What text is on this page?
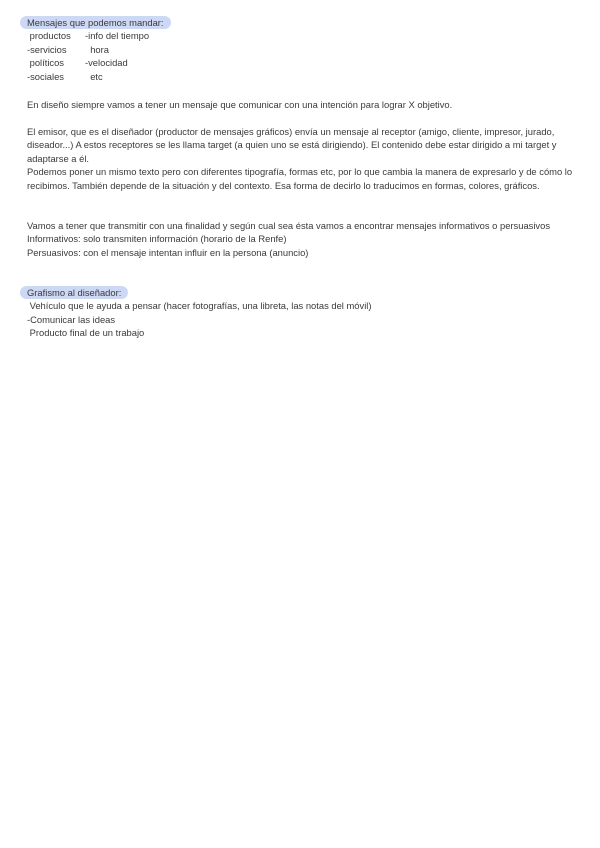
Mensajes que podemos mandar:
productos	-info del tiempo
-servicios	hora
políticos	-velocidad
-sociales	etc

En diseño siempre vamos a tener un mensaje que comunicar con una intención para lograr X objetivo.

El emisor, que es el diseñador (productor de mensajes gráficos) envía un mensaje al receptor (amigo, cliente, impresor, jurado, diseador...) A estos receptores se les llama target (a quien uno se está dirigiendo). El contenido debe estar dirigido a mi target y adaptarse a él.

Podemos poner un mismo texto pero con diferentes tipografía, formas etc, por lo que cambia la manera de expresarlo y de cómo lo recibimos. También depende de la situación y del contexto. Esa forma de decirlo lo traducimos en formas, colores, gráficos.

Vamos a tener que transmitir con una finalidad y según cual sea ésta vamos a encontrar mensajes informativos o persuasivos

Informativos: solo transmiten información (horario de la Renfe)

Persuasivos: con el mensaje intentan influir en la persona (anuncio)

Grafismo al diseñador:
Vehículo que le ayuda a pensar (hacer fotografías, una libreta, las notas del móvil)
-Comunicar las ideas
Producto final de un trabajo
